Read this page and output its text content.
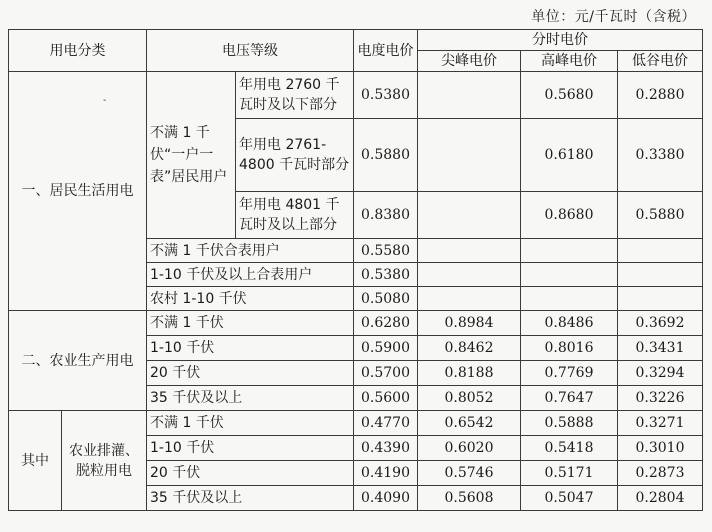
单位：元/千瓦时（含税）
-
用电分类		电压等级		电度电价	分时电价		
					尖峰电价	高峰电价	低谷电价
一、居民生活用电		不满 1 千伏“一户一表”居民用户	年用电 2760 千瓦时及以下部分	0.5380		0.5680	0.2880
			年用电 2761-4800 千瓦时部分	0.5880		0.6180	0.3380
			年用电 4801 千瓦时及以上部分	0.8380		0.8680	0.5880
		不满 1 千伏合表用户		0.5580			
		1-10 千伏及以上合表用户		0.5380			
		农村 1-10 千伏		0.5080			
二、农业生产用电		不满 1 千伏		0.6280	0.8984	0.8486	0.3692
		1-10 千伏		0.5900	0.8462	0.8016	0.3431
		20 千伏		0.5700	0.8188	0.7769	0.3294
		35 千伏及以上		0.5600	0.8052	0.7647	0.3226
其中	农业排灌、脱粒用电	不满 1 千伏		0.4770	0.6542	0.5888	0.3271
		1-10 千伏		0.4390	0.6020	0.5418	0.3010
		20 千伏		0.4190	0.5746	0.5171	0.2873
		35 千伏及以上		0.4090	0.5608	0.5047	0.2804
